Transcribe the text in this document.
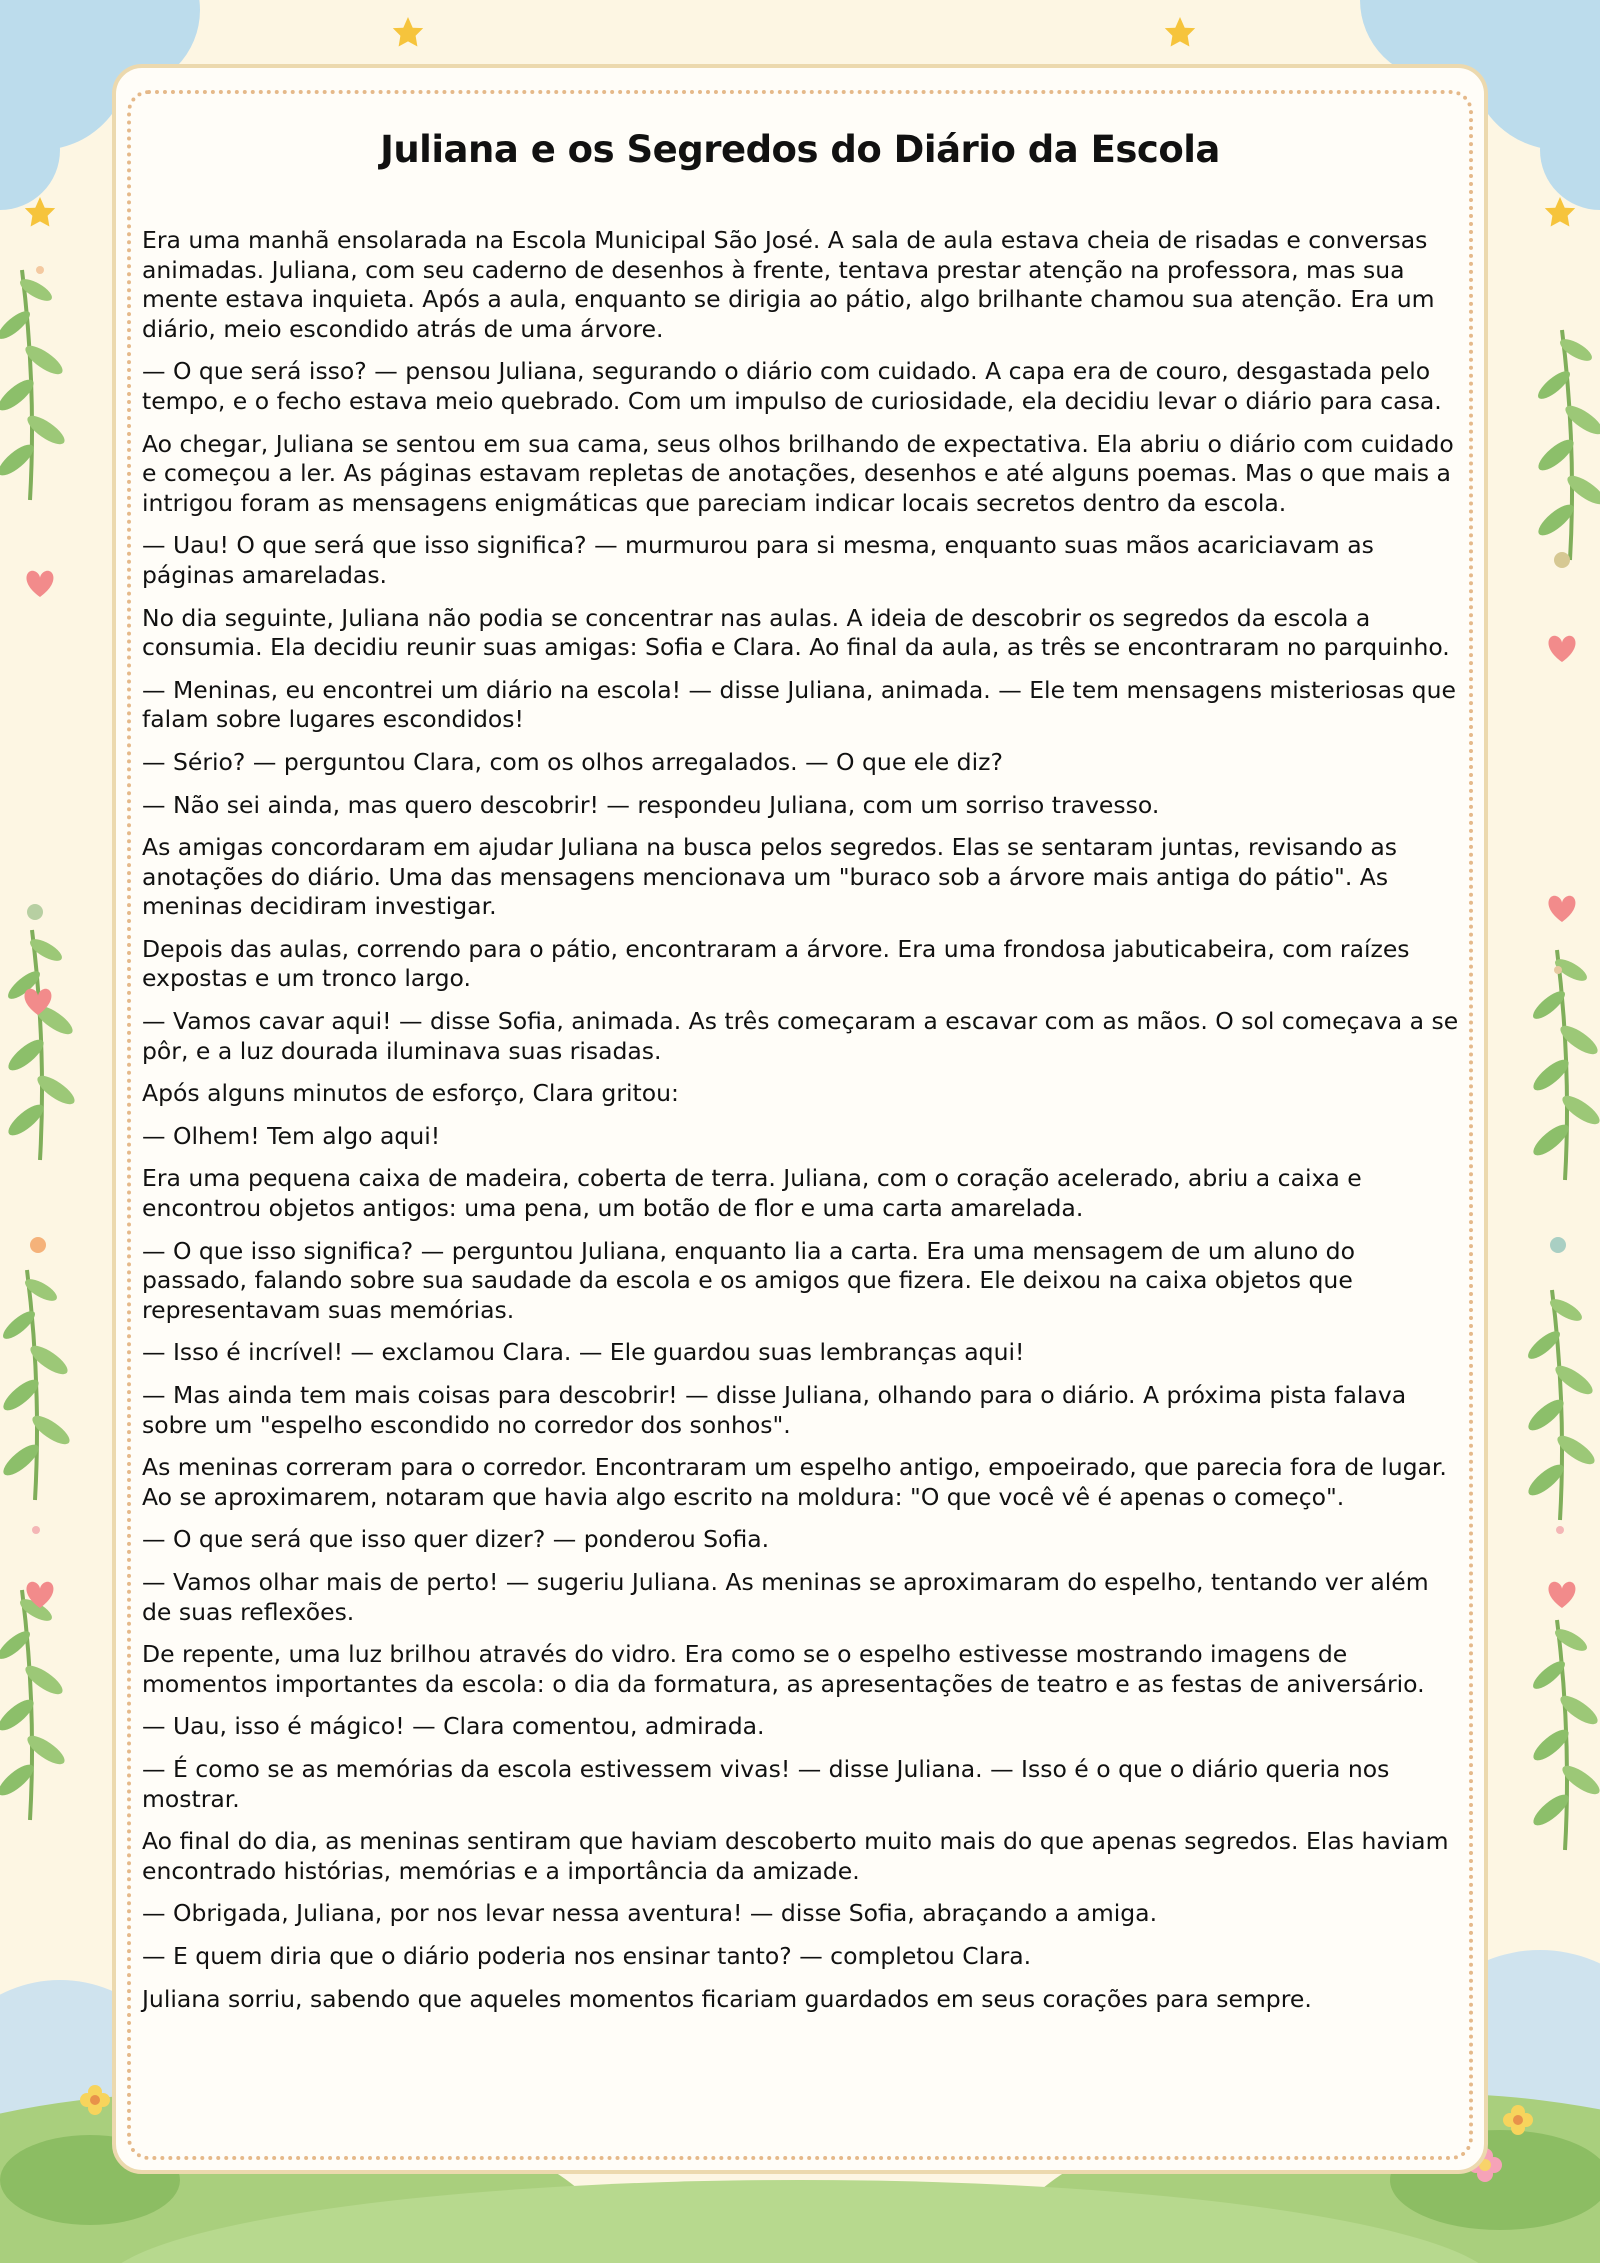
Juliana e os Segredos do Diário da Escola

Era uma manhã ensolarada na Escola Municipal São José. A sala de aula estava cheia de risadas e conversas animadas. Juliana, com seu caderno de desenhos à frente, tentava prestar atenção na professora, mas sua mente estava inquieta. Após a aula, enquanto se dirigia ao pátio, algo brilhante chamou sua atenção. Era um diário, meio escondido atrás de uma árvore.

— O que será isso? — pensou Juliana, segurando o diário com cuidado. A capa era de couro, desgastada pelo tempo, e o fecho estava meio quebrado. Com um impulso de curiosidade, ela decidiu levar o diário para casa.

Ao chegar, Juliana se sentou em sua cama, seus olhos brilhando de expectativa. Ela abriu o diário com cuidado e começou a ler. As páginas estavam repletas de anotações, desenhos e até alguns poemas. Mas o que mais a intrigou foram as mensagens enigmáticas que pareciam indicar locais secretos dentro da escola.

— Uau! O que será que isso significa? — murmurou para si mesma, enquanto suas mãos acariciavam as páginas amareladas.

No dia seguinte, Juliana não podia se concentrar nas aulas. A ideia de descobrir os segredos da escola a consumia. Ela decidiu reunir suas amigas: Sofia e Clara. Ao final da aula, as três se encontraram no parquinho.

— Meninas, eu encontrei um diário na escola! — disse Juliana, animada. — Ele tem mensagens misteriosas que falam sobre lugares escondidos!

— Sério? — perguntou Clara, com os olhos arregalados. — O que ele diz?

— Não sei ainda, mas quero descobrir! — respondeu Juliana, com um sorriso travesso.

As amigas concordaram em ajudar Juliana na busca pelos segredos. Elas se sentaram juntas, revisando as anotações do diário. Uma das mensagens mencionava um "buraco sob a árvore mais antiga do pátio". As meninas decidiram investigar.

Depois das aulas, correndo para o pátio, encontraram a árvore. Era uma frondosa jabuticabeira, com raízes expostas e um tronco largo.

— Vamos cavar aqui! — disse Sofia, animada. As três começaram a escavar com as mãos. O sol começava a se pôr, e a luz dourada iluminava suas risadas.

Após alguns minutos de esforço, Clara gritou:

— Olhem! Tem algo aqui!

Era uma pequena caixa de madeira, coberta de terra. Juliana, com o coração acelerado, abriu a caixa e encontrou objetos antigos: uma pena, um botão de flor e uma carta amarelada.

— O que isso significa? — perguntou Juliana, enquanto lia a carta. Era uma mensagem de um aluno do passado, falando sobre sua saudade da escola e os amigos que fizera. Ele deixou na caixa objetos que representavam suas memórias.

— Isso é incrível! — exclamou Clara. — Ele guardou suas lembranças aqui!

— Mas ainda tem mais coisas para descobrir! — disse Juliana, olhando para o diário. A próxima pista falava sobre um "espelho escondido no corredor dos sonhos".

As meninas correram para o corredor. Encontraram um espelho antigo, empoeirado, que parecia fora de lugar. Ao se aproximarem, notaram que havia algo escrito na moldura: "O que você vê é apenas o começo".

— O que será que isso quer dizer? — ponderou Sofia.

— Vamos olhar mais de perto! — sugeriu Juliana. As meninas se aproximaram do espelho, tentando ver além de suas reflexões.

De repente, uma luz brilhou através do vidro. Era como se o espelho estivesse mostrando imagens de momentos importantes da escola: o dia da formatura, as apresentações de teatro e as festas de aniversário.

— Uau, isso é mágico! — Clara comentou, admirada.

— É como se as memórias da escola estivessem vivas! — disse Juliana. — Isso é o que o diário queria nos mostrar.

Ao final do dia, as meninas sentiram que haviam descoberto muito mais do que apenas segredos. Elas haviam encontrado histórias, memórias e a importância da amizade.

— Obrigada, Juliana, por nos levar nessa aventura! — disse Sofia, abraçando a amiga.

— E quem diria que o diário poderia nos ensinar tanto? — completou Clara.

Juliana sorriu, sabendo que aqueles momentos ficariam guardados em seus corações para sempre.
